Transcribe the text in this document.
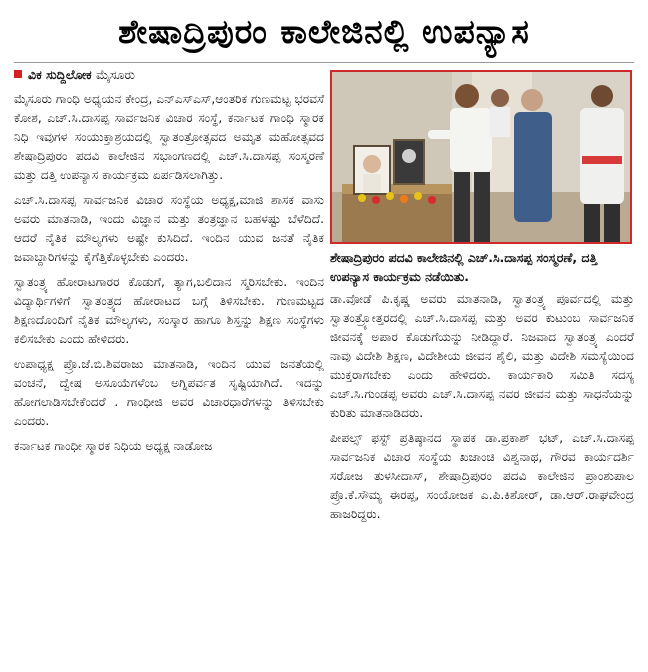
ಶೇಷಾದ್ರಿಪುರಂ ಕಾಲೇಜಿನಲ್ಲಿ ಉಪನ್ಯಾಸ
ವಿಕ ಸುದ್ದಿಲೋಕ ಮೈಸೂರು

ಮೈಸೂರು ಗಾಂಧಿ ಅಧ್ಯಯನ ಕೇಂದ್ರ, ಎನ್‌ಎಸ್‌ಎಸ್‌,ಆಂತರಿಕ ಗುಣಮಟ್ಟ ಭರವಸೆ ಕೋಶ, ಎಚ್‌.ಸಿ.ದಾಸಪ್ಪ ಸಾರ್ವಜನಿಕ ವಿಚಾರ ಸಂಸ್ಥೆ, ಕರ್ನಾಟಕ ಗಾಂಧಿ ಸ್ಮಾರಕ ನಿಧಿ ಇವುಗಳ ಸಂಯುಕ್ತಾಶ್ರಯದಲ್ಲಿ ಸ್ವಾತಂತ್ರೋತ್ಸವದ ಅಮೃತ ಮಹೋತ್ಸವದ ಶೇಷಾದ್ರಿಪುರಂ ಪದವಿ ಕಾಲೇಜಿನ ಸಭಾಂಗಣದಲ್ಲಿ ಎಚ್‌.ಸಿ.ದಾಸಪ್ಪ ಸಂಸ್ಮರಣೆ ಮತ್ತು ದತ್ತಿ ಉಪನ್ಯಾಸ ಕಾರ್ಯಕ್ರಮ ಏರ್ಪಡಿಸಲಾಗಿತ್ತು.

ಎಚ್‌.ಸಿ.ದಾಸಪ್ಪ ಸಾರ್ವಜನಿಕ ವಿಚಾರ ಸಂಸ್ಥೆಯ ಅಧ್ಯಕ್ಷ,ಮಾಜಿ ಶಾಸಕ ವಾಸು ಅವರು ಮಾತನಾಡಿ, ಇಂದು ವಿಜ್ಞಾನ ಮತ್ತು ತಂತ್ರಜ್ಞಾನ ಬಹಳಷ್ಟು ಬೆಳೆದಿದೆ. ಆದರೆ ನೈತಿಕ ಮೌಲ್ಯಗಳು ಅಷ್ಟೇ ಕುಸಿದಿದೆ. ಇಂದಿನ ಯುವ ಜನತೆ ನೈತಿಕ ಜವಾಬ್ದಾರಿಗಳನ್ನು ಕೈಗೆತ್ತಿಕೊಳ್ಳಬೇಕು ಎಂದರು.

ಸ್ವಾತಂತ್ರ್ಯ ಹೋರಾಟಗಾರರ ಕೊಡುಗೆ, ತ್ಯಾಗ,ಬಲಿದಾನ ಸ್ಮರಿಸಬೇಕು. ಇಂದಿನ ವಿದ್ಯಾರ್ಥಿಗಳಿಗೆ ಸ್ವಾತಂತ್ರ್ಯದ ಹೋರಾಟದ ಬಗ್ಗೆ ತಿಳಿಸಬೇಕು. ಗುಣಮಟ್ಟದ ಶಿಕ್ಷಣದೊಂದಿಗೆ ನೈತಿಕ ಮೌಲ್ಯಗಳು, ಸಂಸ್ಕಾರ ಹಾಗೂ ಶಿಸ್ತನ್ನು ಶಿಕ್ಷಣ ಸಂಸ್ಥೆಗಳು ಕಲಿಸಬೇಕು ಎಂದು ಹೇಳಿದರು.

ಉಪಾಧ್ಯಕ್ಷ ಪ್ರೊ.ಜೆ.ಬಿ.ಶಿವರಾಜು ಮಾತನಾಡಿ, ಇಂದಿನ ಯುವ ಜನತೆಯಲ್ಲಿ ವಂಚನೆ, ದ್ವೇಷ ಅಸೂಯೆಗಳೆಂಬ ಅಗ್ನಿಪರ್ವತ ಸೃಷ್ಟಿಯಾಗಿದೆ. ಇದನ್ನು ಹೋಗಲಾಡಿಸಬೇಕೆಂದರೆ . ಗಾಂಧೀಜಿ ಅವರ ವಿಚಾರಧಾರೆಗಳನ್ನು ತಿಳಿಸಬೇಕು ಎಂದರು.

ಕರ್ನಾಟಕ ಗಾಂಧೀ ಸ್ಮಾರಕ ನಿಧಿಯ ಅಧ್ಯಕ್ಷ ನಾಡೋಜ

ಶೇಷಾದ್ರಿಪುರಂ ಪದವಿ ಕಾಲೇಜಿನಲ್ಲಿ ಎಚ್‌.ಸಿ.ದಾಸಪ್ಪ ಸಂಸ್ಮರಣೆ, ದತ್ತಿ ಉಪನ್ಯಾಸ ಕಾರ್ಯಕ್ರಮ ನಡೆಯಿತು.

ಡಾ.ವೋಡೆ ಪಿ.ಕೃಷ್ಣ ಅವರು ಮಾತನಾಡಿ, ಸ್ವಾತಂತ್ರ್ಯ ಪೂರ್ವದಲ್ಲಿ ಮತ್ತು ಸ್ವಾತಂತ್ರ್ಯೋತ್ತರದಲ್ಲಿ ಎಚ್‌.ಸಿ.ದಾಸಪ್ಪ ಮತ್ತು ಅವರ ಕುಟುಂಬ ಸಾರ್ವಜನಿಕ ಜೀವನಕ್ಕೆ ಅಪಾರ ಕೊಡುಗೆಯನ್ನು ನೀಡಿದ್ದಾರೆ. ನಿಜವಾದ ಸ್ವಾತಂತ್ರ್ಯ ಎಂದರೆ ನಾವು ವಿದೇಶಿ ಶಿಕ್ಷಣ, ವಿದೇಶೀಯ ಜೀವನ ಶೈಲಿ, ಮತ್ತು ವಿದೇಶಿ ಸಮಸ್ಯೆಯಿಂದ ಮುಕ್ತರಾಗಬೇಕು ಎಂದು ಹೇಳಿದರು. ಕಾರ್ಯಕಾರಿ ಸಮಿತಿ ಸದಸ್ಯ ಎಚ್‌.ಸಿ.ಗುಂಡಪ್ಪ ಅವರು ಎಚ್‌.ಸಿ.ದಾಸಪ್ಪ ನವರ ಜೀವನ ಮತ್ತು ಸಾಧನೆಯನ್ನು ಕುರಿತು ಮಾತನಾಡಿದರು.

ಪೀಪಲ್ಸ್‌ ಫಸ್ಟ್‌ ಪ್ರತಿಷ್ಠಾನದ ಸ್ಥಾಪಕ ಡಾ.ಪ್ರಕಾಶ್‌ ಭಟ್‌, ಎಚ್‌.ಸಿ.ದಾಸಪ್ಪ ಸಾರ್ವಜನಿಕ ವಿಚಾರ ಸಂಸ್ಥೆಯ ಖಜಾಂಚಿ ವಿಶ್ವನಾಥ, ಗೌರವ ಕಾರ್ಯದರ್ಶಿ ಸರೋಜ ತುಳಸೀದಾಸ್‌, ಶೇಷಾದ್ರಿಪುರಂ ಪದವಿ ಕಾಲೇಜಿನ ಪ್ರಾಂಶುಪಾಲ ಪ್ರೊ.ಕೆ.ಸೌಮ್ಯ ಈರಪ್ಪ, ಸಂಯೋಜಕ ಎ.ಪಿ.ಕಿಶೋರ್‌, ಡಾ.ಆರ್‌.ರಾಘವೇಂದ್ರ ಹಾಜರಿದ್ದರು.
